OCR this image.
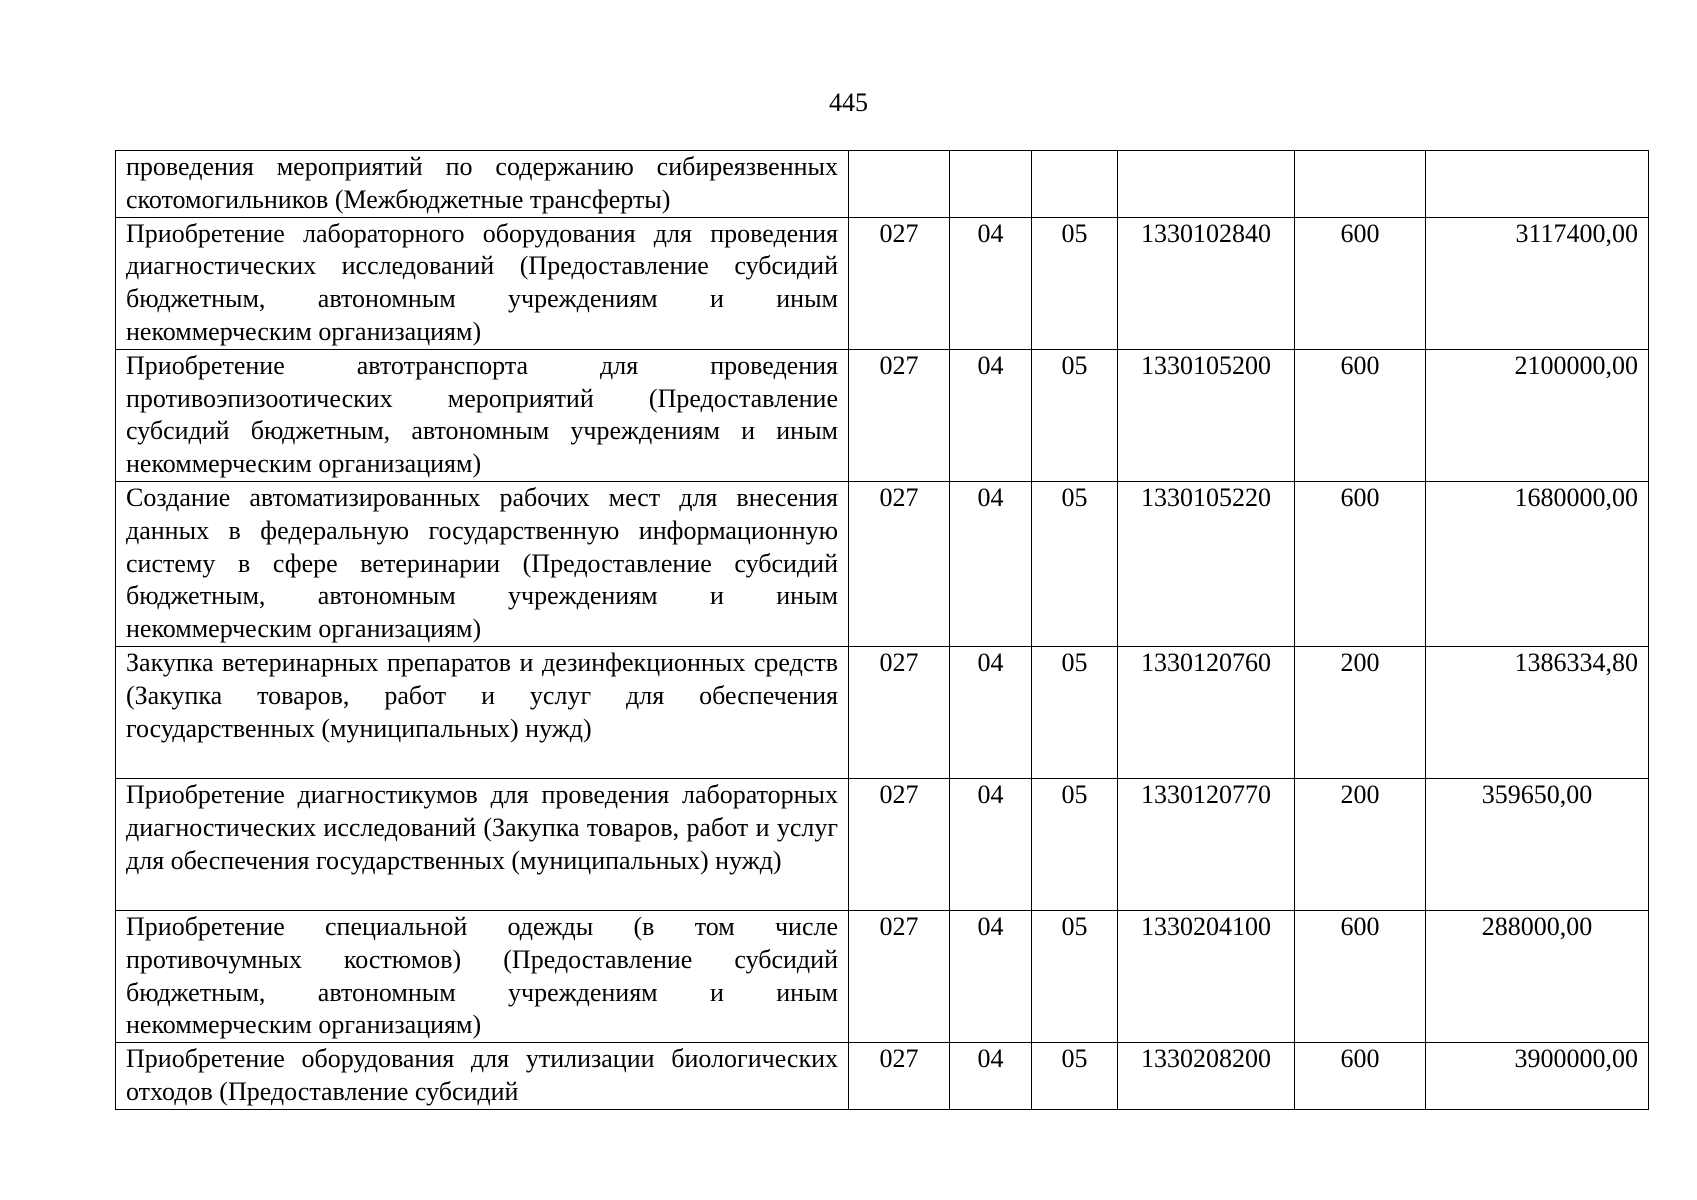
445
проведения мероприятий по содержанию сибиреязвенных скотомогильников (Межбюджетные трансферты)						
Приобретение лабораторного оборудования для проведения диагностических исследований (Предоставление субсидий бюджетным, автономным учреждениям и иным некоммерческим организациям)	027	04	05	1330102840	600	3117400,00
Приобретение автотранспорта для проведения противоэпизоотических мероприятий (Предоставление субсидий бюджетным, автономным учреждениям и иным некоммерческим организациям)	027	04	05	1330105200	600	2100000,00
Создание автоматизированных рабочих мест для внесения данных в федеральную государственную информационную систему в сфере ветеринарии (Предоставление субсидий бюджетным, автономным учреждениям и иным некоммерческим организациям)	027	04	05	1330105220	600	1680000,00
Закупка ветеринарных препаратов и дезинфекционных средств (Закупка товаров, работ и услуг для обеспечения государственных (муниципальных) нужд)	027	04	05	1330120760	200	1386334,80
Приобретение диагностикумов для проведения лабораторных диагностических исследований (Закупка товаров, работ и услуг для обеспечения государственных (муниципальных) нужд)	027	04	05	1330120770	200	359650,00
Приобретение специальной одежды (в том числе противочумных костюмов) (Предоставление субсидий бюджетным, автономным учреждениям и иным некоммерческим организациям)	027	04	05	1330204100	600	288000,00
Приобретение оборудования для утилизации биологических отходов (Предоставление субсидий	027	04	05	1330208200	600	3900000,00
